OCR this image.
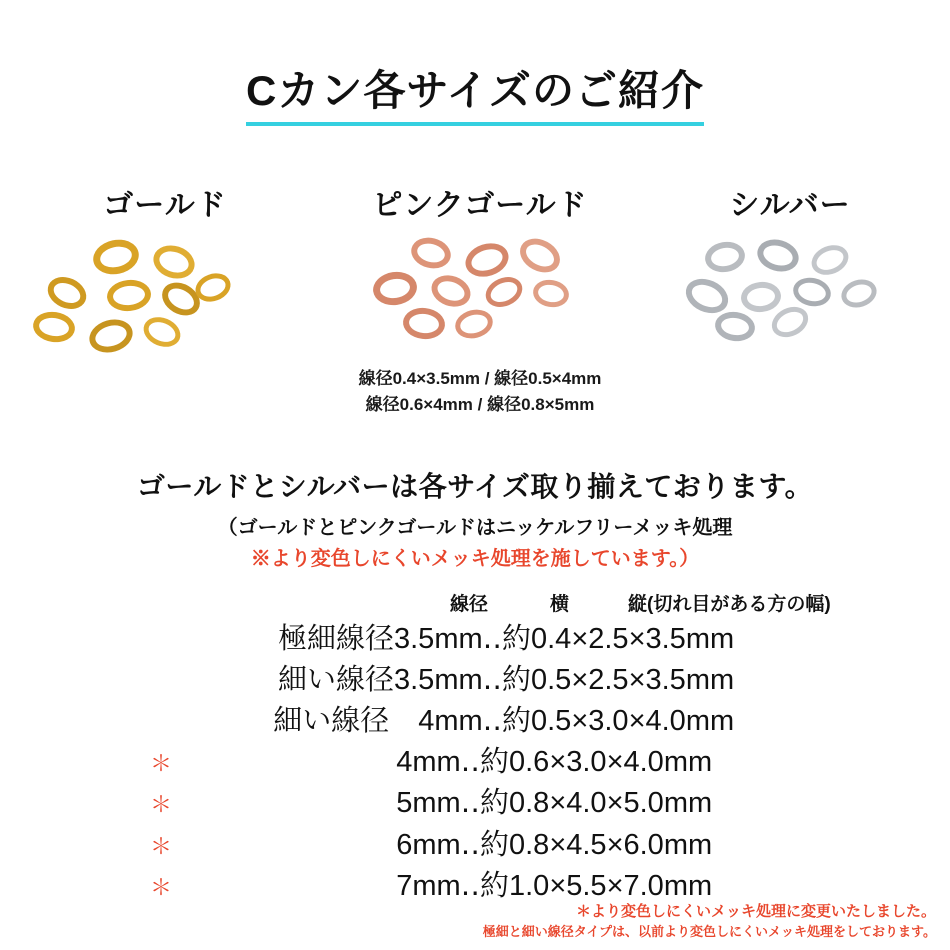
Cカン各サイズのご紹介
ゴールド	ピンクゴールド
線径0.4×3.5mm / 線径0.5×4mm
線径0.6×4mm / 線径0.8×5mm
シルバー
ゴールドとシルバーは各サイズ取り揃えております。
（ゴールドとピンクゴールドはニッケルフリーメッキ処理
※より変色しにくいメッキ処理を施しています。）
線径	横	縦(切れ目がある方の幅)
極細線径3.5mm‥ 約0.4×2.5×3.5mm
細い線径3.5mm‥ 約0.5×2.5×3.5mm
細い線径　4mm‥ 約0.5×3.0×4.0mm
＊	4mm‥ 約0.6×3.0×4.0mm
＊	5mm‥ 約0.8×4.0×5.0mm
＊	6mm‥ 約0.8×4.5×6.0mm
＊	7mm‥ 約1.0×5.5×7.0mm
＊より変色しにくいメッキ処理に変更いたしました。
極細と細い線径タイプは、以前より変色しにくいメッキ処理をしております。
